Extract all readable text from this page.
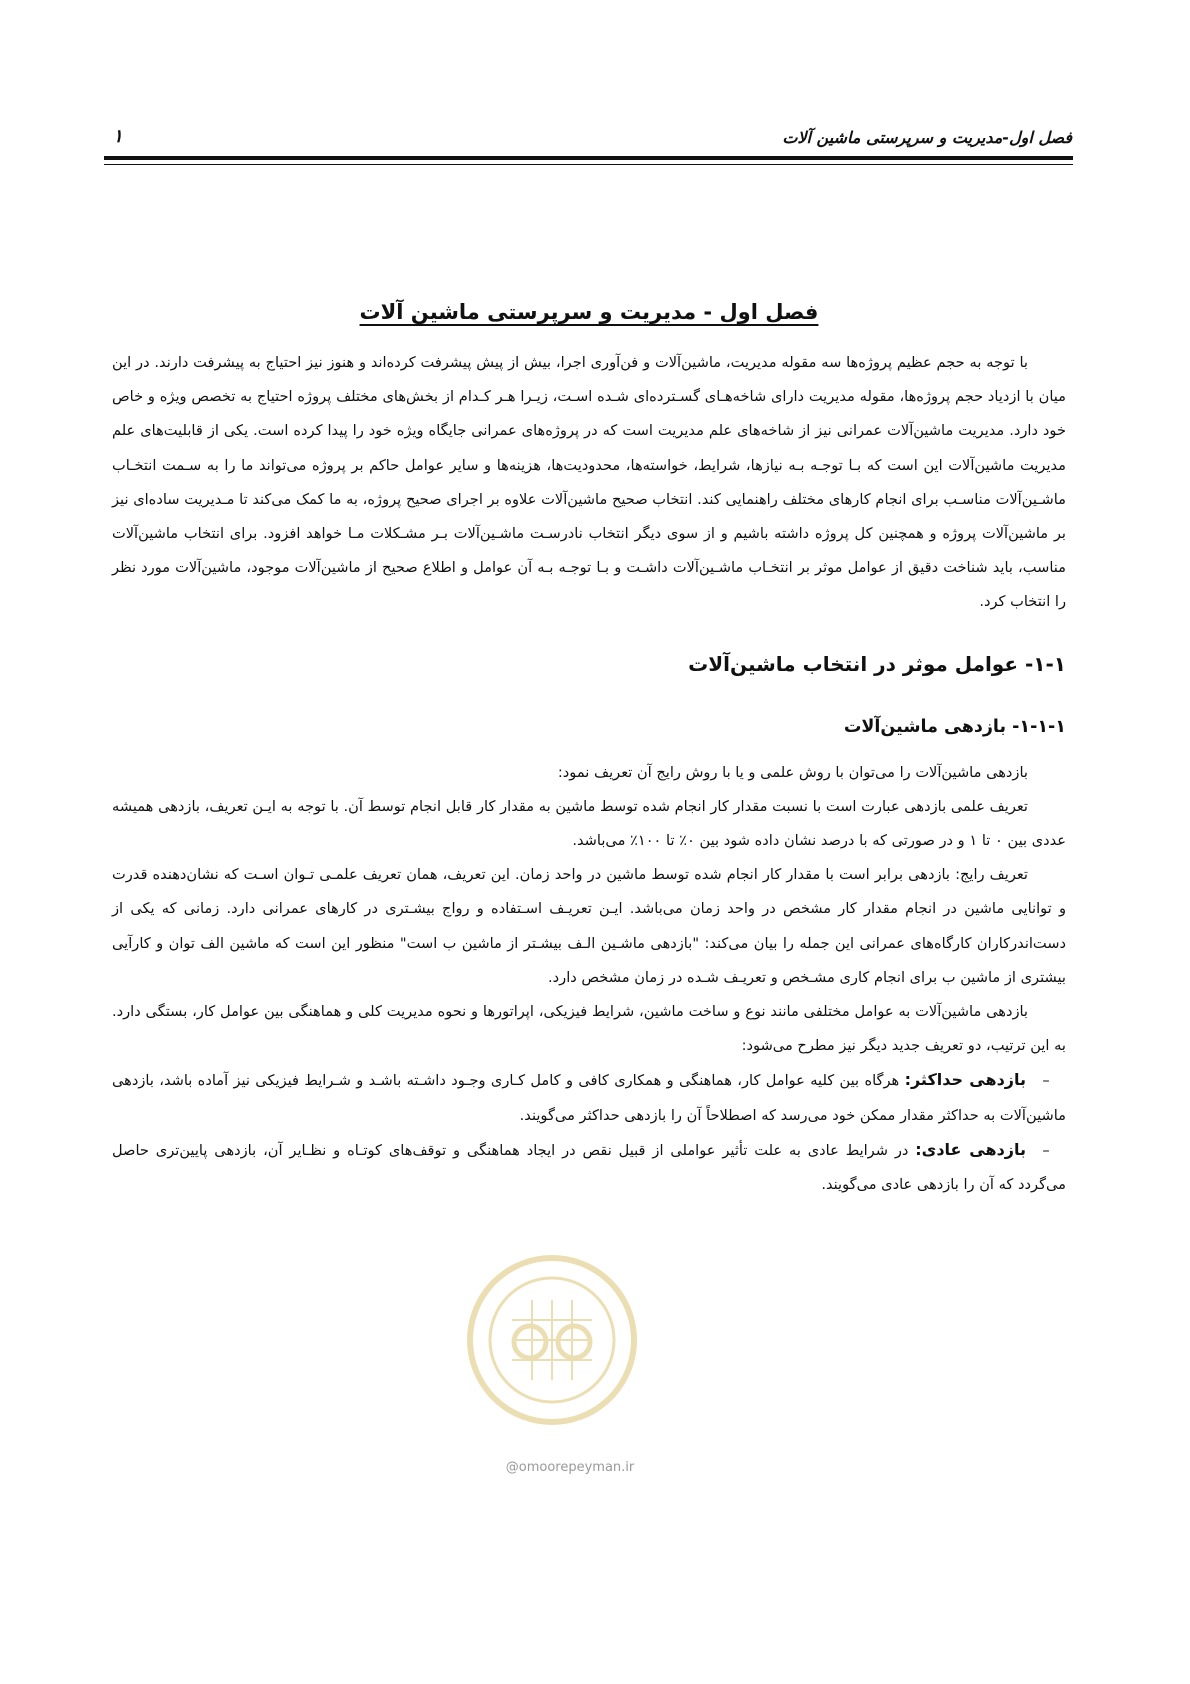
فصل اول-مدیریت و سرپرستی ماشین آلات
۱
فصل اول - مدیریت و سرپرستی ماشین آلات

با توجه به حجم عظیم پروژه‌ها سه مقوله مدیریت، ماشین‌آلات و فن‌آوری اجرا، بیش از پیش پیشرفت کرده‌اند و هنوز نیز احتیاج به پیشرفت دارند. در این میان با ازدیاد حجم پروژه‌ها، مقوله مدیریت دارای شاخه‌هـای گسـترده‌ای شـده اسـت، زیـرا هـر کـدام از بخش‌های مختلف پروژه احتیاج به تخصص ویژه و خاص خود دارد. مدیریت ماشین‌آلات عمرانی نیز از شاخه‌های علم مدیریت است که در پروژه‌های عمرانی جایگاه ویژه خود را پیدا کرده است. یکی از قابلیت‌های علم مدیریت ماشین‌آلات این است که بـا توجـه بـه نیازها، شرایط، خواسته‌ها، محدودیت‌ها، هزینه‌ها و سایر عوامل حاکم بر پروژه می‌تواند ما را به سـمت انتخـاب ماشـین‌آلات مناسـب برای انجام کارهای مختلف راهنمایی کند. انتخاب صحیح ماشین‌آلات علاوه بر اجرای صحیح پروژه، به ما کمک می‌کند تا مـدیریت ساده‌ای نیز بر ماشین‌آلات پروژه و همچنین کل پروژه داشته باشیم و از سوی دیگر انتخاب نادرسـت ماشـین‌آلات بـر مشـکلات مـا خواهد افزود. برای انتخاب ماشین‌آلات مناسب، باید شناخت دقیق از عوامل موثر بر انتخـاب ماشـین‌آلات داشـت و بـا توجـه بـه آن عوامل و اطلاع صحیح از ماشین‌آلات موجود، ماشین‌آلات مورد نظر را انتخاب کرد.

۱-۱- عوامل موثر در انتخاب ماشین‌آلات
۱-۱-۱- بازدهی ماشین‌آلات

بازدهی ماشین‌آلات را می‌توان با روش علمی و یا با روش رایج آن تعریف نمود:

تعریف علمی بازدهی عبارت است با نسبت مقدار کار انجام شده توسط ماشین به مقدار کار قابل انجام توسط آن. با توجه به ایـن تعریف، بازدهی همیشه عددی بین ۰ تا ۱ و در صورتی که با درصد نشان داده شود بین ۰٪ تا ۱۰۰٪ می‌باشد.

تعریف رایج: بازدهی برابر است با مقدار کار انجام شده توسط ماشین در واحد زمان. این تعریف، همان تعریف علمـی تـوان اسـت که نشان‌دهنده قدرت و توانایی ماشین در انجام مقدار کار مشخص در واحد زمان می‌باشد. ایـن تعریـف اسـتفاده و رواج بیشـتری در کارهای عمرانی دارد. زمانی که یکی از دست‌اندرکاران کارگاه‌های عمرانی این جمله را بیان می‌کند: "بازدهی ماشـین الـف بیشـتر از ماشین ب است" منظور این است که ماشین الف توان و کارآیی بیشتری از ماشین ب برای انجام کاری مشـخص و تعریـف شـده در زمان مشخص دارد.

بازدهی ماشین‌آلات به عوامل مختلفی مانند نوع و ساخت ماشین، شرایط فیزیکی، اپراتورها و نحوه مدیریت کلی و هماهنگی بین عوامل کار، بستگی دارد. به این ترتیب، دو تعریف جدید دیگر نیز مطرح می‌شود:

–بازدهی حداکثر: هرگاه بین کلیه عوامل کار، هماهنگی و همکاری کافی و کامل کـاری وجـود داشـته باشـد و شـرایط فیزیکی نیز آماده باشد، بازدهی ماشین‌آلات به حداکثر مقدار ممکن خود می‌رسد که اصطلاحاً آن را بازدهی حداکثر می‌گویند.

–بازدهی عادی: در شرایط عادی به علت تأثیر عواملی از قبیل نقص در ایجاد هماهنگی و توقف‌های کوتـاه و نظـایر آن، بازدهی پایین‌تری حاصل می‌گردد که آن را بازدهی عادی می‌گویند.

@omoorepeyman.ir
